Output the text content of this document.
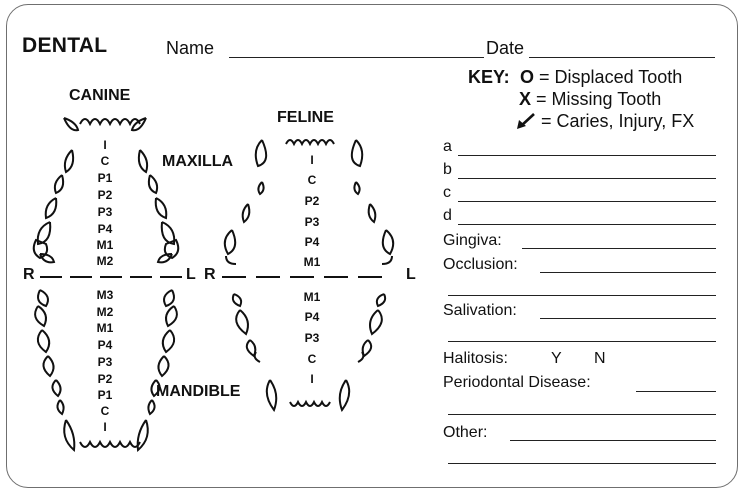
DENTAL	Name	Date
KEY: O = Displaced Tooth
X = Missing Tooth
= Caries, Injury, FX
CANINE
FELINE
MAXILLA
MANDIBLE
R	L R	L
I
C
P1
P2
P3
P4
M1
M2
M3
M2
M1
P4
P3
P2
P1
C
I
I
C
P2
P3
P4
M1
M1
P4
P3
C
I
a
b
c
d
Gingiva:
Occlusion:
Salivation:
Halitosis:	Y N
Periodontal Disease:
Other:
